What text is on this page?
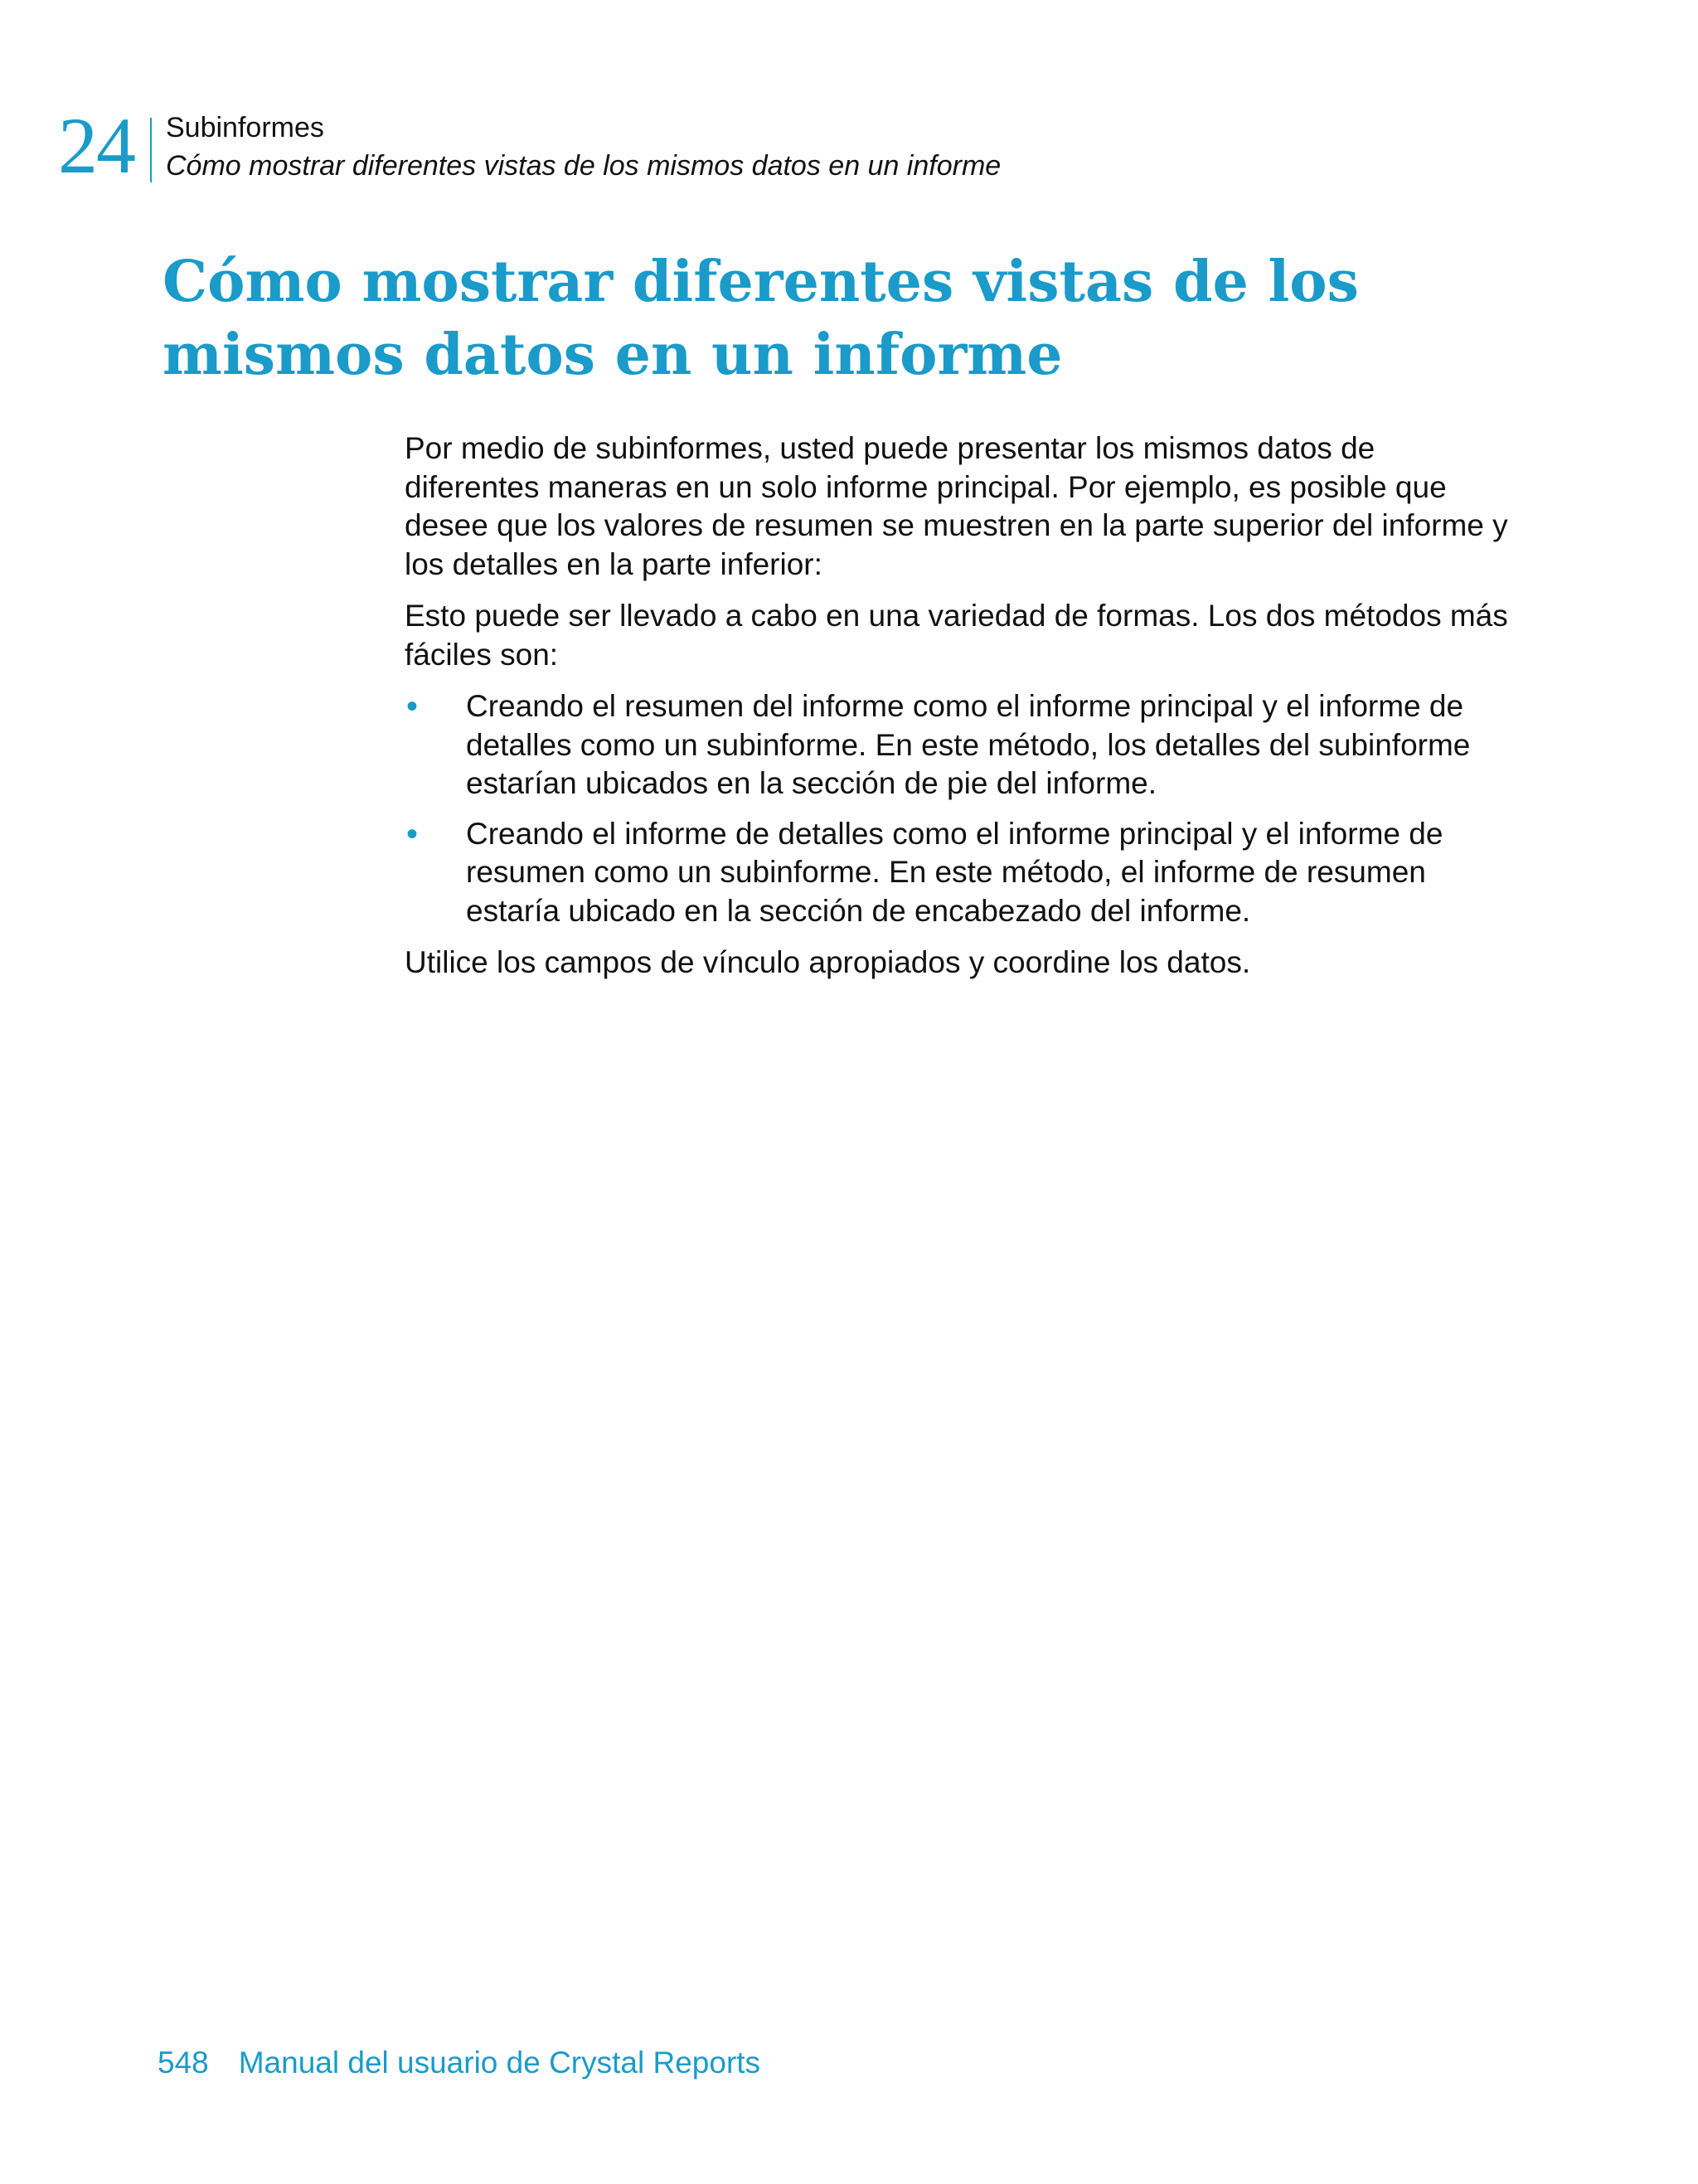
24 Subinformes
Cómo mostrar diferentes vistas de los mismos datos en un informe
Cómo mostrar diferentes vistas de los
mismos datos en un informe

Por medio de subinformes, usted puede presentar los mismos datos de diferentes maneras en un solo informe principal. Por ejemplo, es posible que desee que los valores de resumen se muestren en la parte superior del informe y los detalles en la parte inferior:

Esto puede ser llevado a cabo en una variedad de formas. Los dos métodos más fáciles son:

• Creando el resumen del informe como el informe principal y el informe de detalles como un subinforme. En este método, los detalles del subinforme estarían ubicados en la sección de pie del informe.
• Creando el informe de detalles como el informe principal y el informe de resumen como un subinforme. En este método, el informe de resumen estaría ubicado en la sección de encabezado del informe.

Utilice los campos de vínculo apropiados y coordine los datos.

548 Manual del usuario de Crystal Reports
